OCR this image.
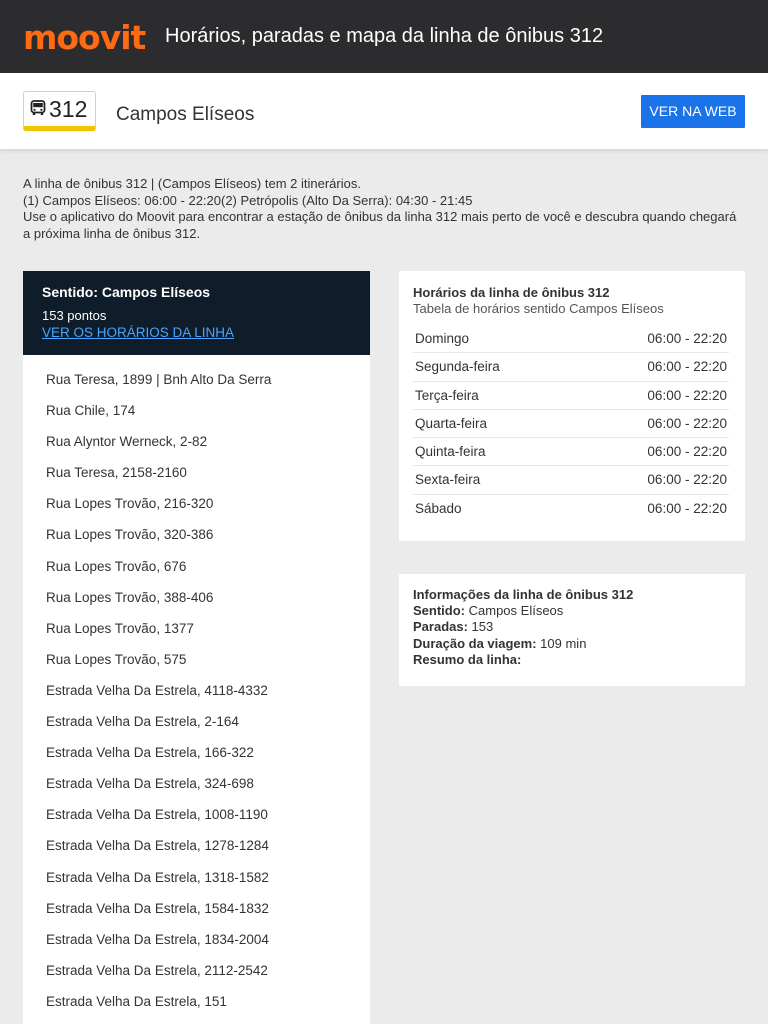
moovit Horários, paradas e mapa da linha de ônibus 312
312 Campos Elíseos	VER NA WEB

A linha de ônibus 312 | (Campos Elíseos) tem 2 itinerários.

(1) Campos Elíseos: 06:00 - 22:20(2) Petrópolis (Alto Da Serra): 04:30 - 21:45

Use o aplicativo do Moovit para encontrar a estação de ônibus da linha 312 mais perto de você e descubra quando chegará a próxima linha de ônibus 312.

Sentido: Campos Elíseos
153 pontos
VER OS HORÁRIOS DA LINHA
Rua Teresa, 1899 | Bnh Alto Da Serra
Rua Chile, 174
Rua Alyntor Werneck, 2-82
Rua Teresa, 2158-2160
Rua Lopes Trovão, 216-320
Rua Lopes Trovão, 320-386
Rua Lopes Trovão, 676
Rua Lopes Trovão, 388-406
Rua Lopes Trovão, 1377
Rua Lopes Trovão, 575
Estrada Velha Da Estrela, 4118-4332
Estrada Velha Da Estrela, 2-164
Estrada Velha Da Estrela, 166-322
Estrada Velha Da Estrela, 324-698
Estrada Velha Da Estrela, 1008-1190
Estrada Velha Da Estrela, 1278-1284
Estrada Velha Da Estrela, 1318-1582
Estrada Velha Da Estrela, 1584-1832
Estrada Velha Da Estrela, 1834-2004
Estrada Velha Da Estrela, 2112-2542
Estrada Velha Da Estrela, 151
Horários da linha de ônibus 312
Tabela de horários sentido Campos Elíseos
Domingo	06:00 - 22:20
Segunda-feira	06:00 - 22:20
Terça-feira	06:00 - 22:20
Quarta-feira	06:00 - 22:20
Quinta-feira	06:00 - 22:20
Sexta-feira	06:00 - 22:20
Sábado	06:00 - 22:20
Informações da linha de ônibus 312
Sentido: Campos Elíseos
Paradas: 153
Duração da viagem: 109 min
Resumo da linha:
